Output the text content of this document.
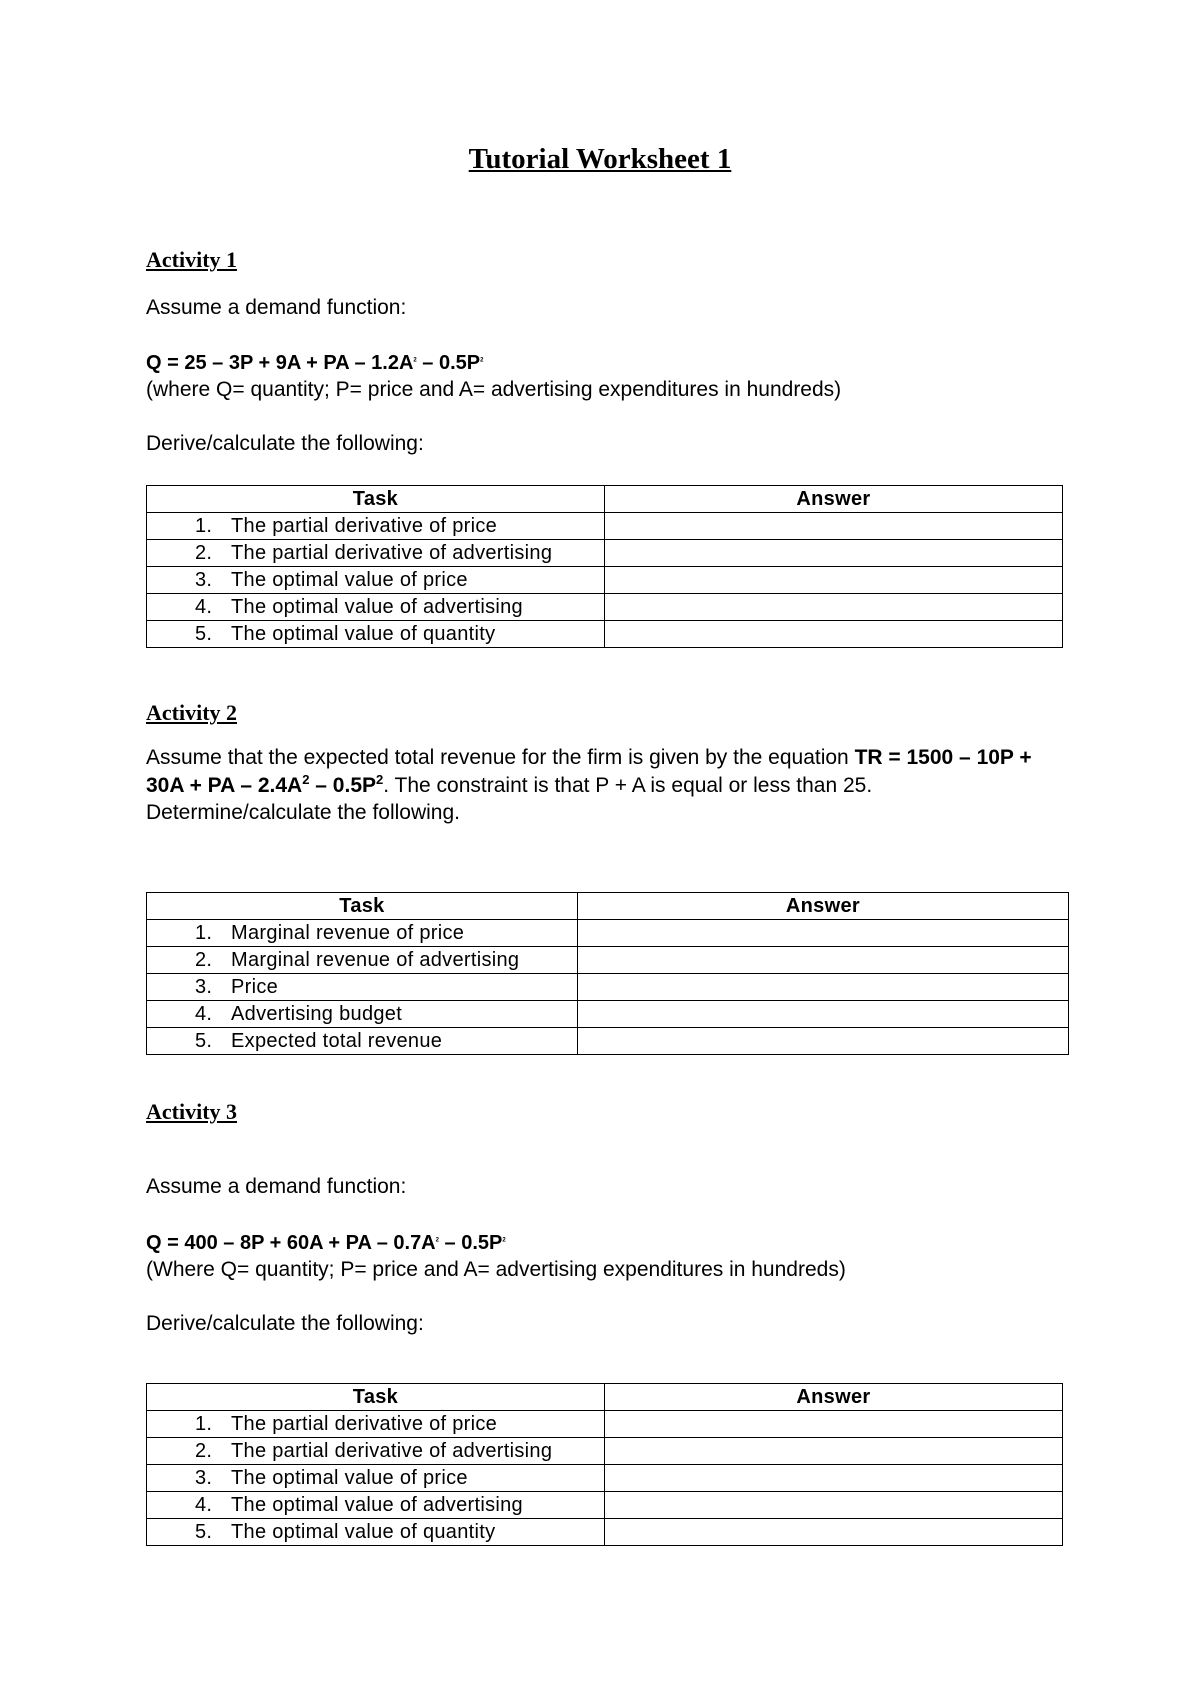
Tutorial Worksheet 1
Activity 1
Assume a demand function:
Q = 25 – 3P + 9A + PA – $1.2A^2 - 0.5P^2$
(where Q= quantity; P= price and A= advertising expenditures in hundreds)
Derive/calculate the following:
Task	Answer
1. The partial derivative of price	
2. The partial derivative of advertising	
3. The optimal value of price	
4. The optimal value of advertising	
5. The optimal value of quantity	
Activity 2

Assume that the expected total revenue for the firm is given by the equation TR = 1500 – 10P + 30A + PA – $2.4A^2 - 0.5P^2$. The constraint is that P + A is equal or less than 25. Determine/calculate the following.

Task	Answer
1. Marginal revenue of price	
2. Marginal revenue of advertising	
3. Price	
4. Advertising budget	
5. Expected total revenue	
Activity 3
Assume a demand function:
Q = 400 – 8P + 60A + PA – $0.7A^2 - 0.5P^2$
(Where Q= quantity; P= price and A= advertising expenditures in hundreds)
Derive/calculate the following:
Task	Answer
1. The partial derivative of price	
2. The partial derivative of advertising	
3. The optimal value of price	
4. The optimal value of advertising	
5. The optimal value of quantity	
